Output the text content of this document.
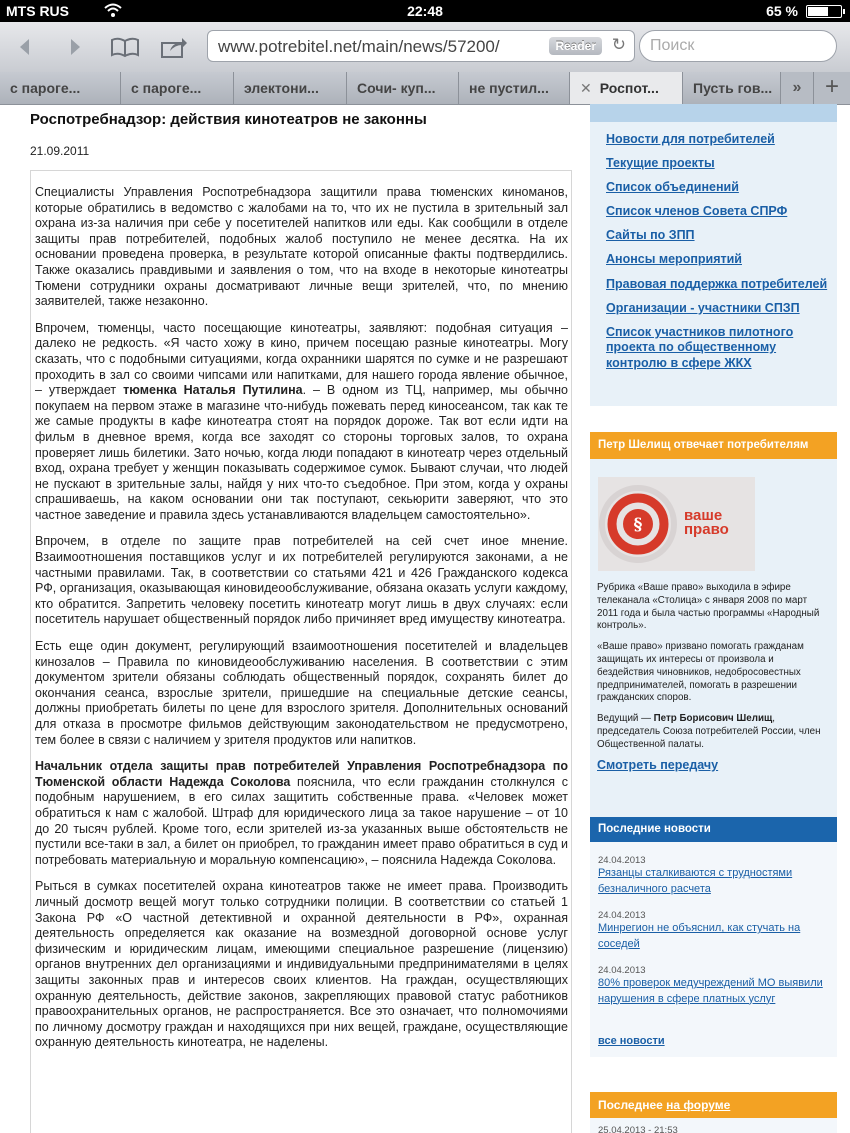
MTS RUS	22:48	65 %
www.potrebitel.net/main/news/57200/	Reader ↻ Поиск
с пароге...	с пароге...	электони...	Сочи- куп...	не пустил...	✕ Роспот...	Пусть гов...	» +
Роспотребнадзор: действия кинотеатров не законны
21.09.2011

Специалисты Управления Роспотребнадзора защитили права тюменских киноманов, которые обратились в ведомство с жалобами на то, что их не пустила в зрительный зал охрана из-за наличия при себе у посетителей напитков или еды. Как сообщили в отделе защиты прав потребителей, подобных жалоб поступило не менее десятка. На их основании проведена проверка, в результате которой описанные факты подтвердились. Также оказались правдивыми и заявления о том, что на входе в некоторые кинотеатры Тюмени сотрудники охраны досматривают личные вещи зрителей, что, по мнению заявителей, также незаконно.

Впрочем, тюменцы, часто посещающие кинотеатры, заявляют: подобная ситуация – далеко не редкость. «Я часто хожу в кино, причем посещаю разные кинотеатры. Могу сказать, что с подобными ситуациями, когда охранники шарятся по сумке и не разрешают проходить в зал со своими чипсами или напитками, для нашего города явление обычное, – утверждает тюменка Наталья Путилина. – В одном из ТЦ, например, мы обычно покупаем на первом этаже в магазине что-нибудь пожевать перед киносеансом, так как те же самые продукты в кафе кинотеатра стоят на порядок дороже. Так вот если идти на фильм в дневное время, когда все заходят со стороны торговых залов, то охрана проверяет лишь билетики. Зато ночью, когда люди попадают в кинотеатр через отдельный вход, охрана требует у женщин показывать содержимое сумок. Бывают случаи, что людей не пускают в зрительные залы, найдя у них что-то съедобное. При этом, когда у охраны спрашиваешь, на каком основании они так поступают, секьюрити заверяют, что это частное заведение и правила здесь устанавливаются владельцем самостоятельно».

Впрочем, в отделе по защите прав потребителей на сей счет иное мнение. Взаимоотношения поставщиков услуг и их потребителей регулируются законами, а не частными правилами. Так, в соответствии со статьями 421 и 426 Гражданского кодекса РФ, организация, оказывающая киновидеообслуживание, обязана оказать услуги каждому, кто обратится. Запретить человеку посетить кинотеатр могут лишь в двух случаях: если посетитель нарушает общественный порядок либо причиняет вред имуществу кинотеатра.

Есть еще один документ, регулирующий взаимоотношения посетителей и владельцев кинозалов – Правила по киновидеообслуживанию населения. В соответствии с этим документом зрители обязаны соблюдать общественный порядок, сохранять билет до окончания сеанса, взрослые зрители, пришедшие на специальные детские сеансы, должны приобретать билеты по цене для взрослого зрителя. Дополнительных оснований для отказа в просмотре фильмов действующим законодательством не предусмотрено, тем более в связи с наличием у зрителя продуктов или напитков.

Начальник отдела защиты прав потребителей Управления Роспотребнадзора по Тюменской области Надежда Соколова пояснила, что если гражданин столкнулся с подобным нарушением, в его силах защитить собственные права. «Человек может обратиться к нам с жалобой. Штраф для юридического лица за такое нарушение – от 10 до 20 тысяч рублей. Кроме того, если зрителей из-за указанных выше обстоятельств не пустили все-таки в зал, а билет он приобрел, то гражданин имеет право обратиться в суд и потребовать материальную и моральную компенсацию», – пояснила Надежда Соколова.

Рыться в сумках посетителей охрана кинотеатров также не имеет права. Производить личный досмотр вещей могут только сотрудники полиции. В соответствии со статьей 1 Закона РФ «О частной детективной и охранной деятельности в РФ», охранная деятельность определяется как оказание на возмездной договорной основе услуг физическим и юридическим лицам, имеющими специальное разрешение (лицензию) органов внутренних дел организациями и индивидуальными предпринимателями в целях защиты законных прав и интересов своих клиентов. На граждан, осуществляющих охранную деятельность, действие законов, закрепляющих правовой статус работников правоохранительных органов, не распространяется. Все это означает, что полномочиями по личному досмотру граждан и находящихся при них вещей, граждане, осуществляющие охранную деятельность кинотеатра, не наделены.

Новости для потребителей
Текущие проекты
Список объединений
Список членов Совета СПРФ
Сайты по ЗПП
Анонсы мероприятий
Правовая поддержка потребителей
Организации - участники СПЗП
Список участников пилотного проекта по общественному контролю в сфере ЖКХ
Петр Шелищ отвечает потребителям
§	ваше право

Рубрика «Ваше право» выходила в эфире телеканала «Столица» с января 2008 по март 2011 года и была частью программы «Народный контроль».

«Ваше право» призвано помогать гражданам защищать их интересы от произвола и бездействия чиновников, недобросовестных предпринимателей, помогать в разрешении гражданских споров.

Ведущий — Петр Борисович Шелищ, председатель Союза потребителей России, член Общественной палаты.

Смотреть передачу
Последние новости
24.04.2013
Рязанцы сталкиваются с трудностями безналичного расчета
24.04.2013
Минрегион не объяснил, как стучать на соседей
24.04.2013
80% проверок медучреждений МО выявили нарушения в сфере платных услуг
все новости
Последнее на форуме
25.04.2013 - 21:53
